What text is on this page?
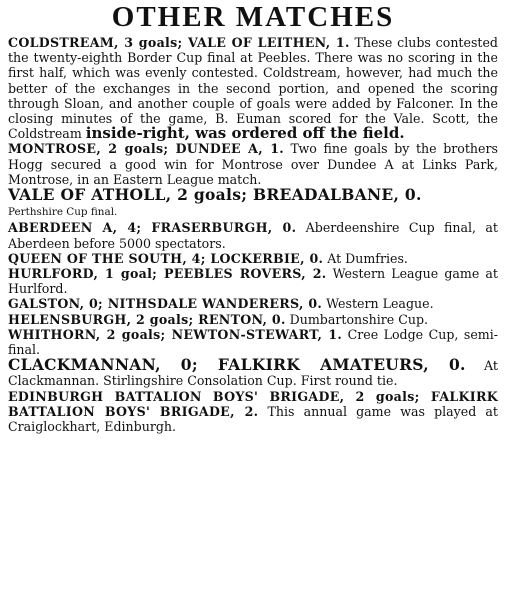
OTHER MATCHES

COLDSTREAM, 3 goals; VALE OF LEITHEN, 1. These clubs contested the twenty-eighth Border Cup final at Peebles. There was no scoring in the first half, which was evenly contested. Coldstream, however, had much the better of the exchanges in the second portion, and opened the scoring through Sloan, and another couple of goals were added by Falconer. In the closing minutes of the game, B. Euman scored for the Vale. Scott, the Coldstream inside-right, was ordered off the field.

MONTROSE, 2 goals; DUNDEE A, 1. Two fine goals by the brothers Hogg secured a good win for Montrose over Dundee A at Links Park, Montrose, in an Eastern League match.

VALE OF ATHOLL, 2 goals; BREADALBANE, 0.
Perthshire Cup final.

ABERDEEN A, 4; FRASERBURGH, 0. Aberdeenshire Cup final, at Aberdeen before 5000 spectators.

QUEEN OF THE SOUTH, 4; LOCKERBIE, 0. At Dumfries.

HURLFORD, 1 goal; PEEBLES ROVERS, 2. Western League game at Hurlford.

GALSTON, 0; NITHSDALE WANDERERS, 0. Western League.

HELENSBURGH, 2 goals; RENTON, 0. Dumbartonshire Cup.

WHITHORN, 2 goals; NEWTON-STEWART, 1. Cree Lodge Cup, semi-final.

CLACKMANNAN, 0; FALKIRK AMATEURS, 0. At Clackmannan. Stirlingshire Consolation Cup. First round tie.

EDINBURGH BATTALION BOYS' BRIGADE, 2 goals; FALKIRK BATTALION BOYS' BRIGADE, 2. This annual game was played at Craiglockhart, Edinburgh.
